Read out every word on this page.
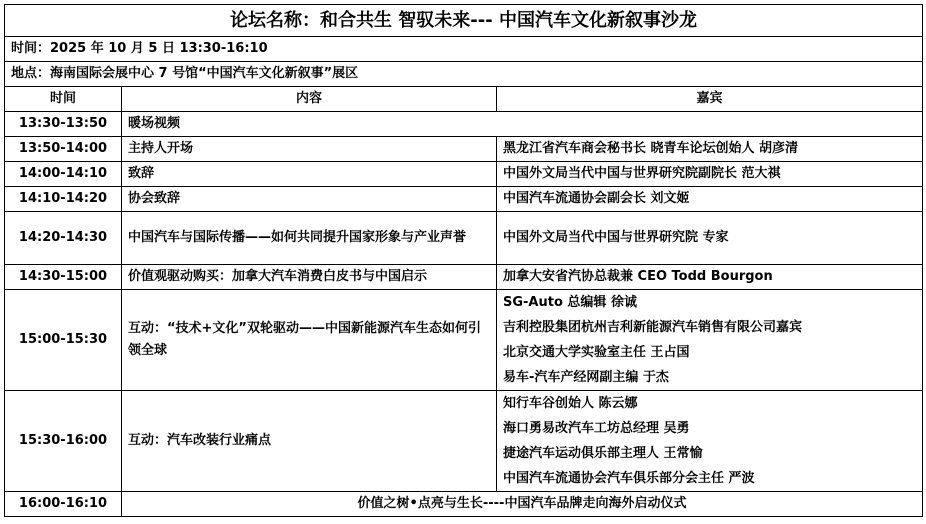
论坛名称：和合共生 智驭未来--- 中国汽车文化新叙事沙龙		
时间：2025 年 10 月 5 日 13:30-16:10		
地点：海南国际会展中心 7 号馆“中国汽车文化新叙事”展区		
时间	内容	嘉宾
13:30-13:50	暖场视频	
13:50-14:00	主持人开场	黑龙江省汽车商会秘书长 晓青车论坛创始人 胡彦清
14:00-14:10	致辞	中国外文局当代中国与世界研究院副院长 范大祺
14:10-14:20	协会致辞	中国汽车流通协会副会长 刘文姬
14:20-14:30	中国汽车与国际传播——如何共同提升国家形象与产业声誉	中国外文局当代中国与世界研究院 专家
14:30-15:00	价值观驱动购买：加拿大汽车消费白皮书与中国启示	加拿大安省汽协总裁兼 CEO Todd Bourgon
15:00-15:30	互动：“技术+文化”双轮驱动——中国新能源汽车生态如何引领全球	SG-Auto 总编辑 徐诚
吉利控股集团杭州吉利新能源汽车销售有限公司嘉宾
北京交通大学实验室主任 王占国
易车-汽车产经网副主编 于杰

15:30-16:00	互动：汽车改装行业痛点	知行车谷创始人 陈云娜
海口勇易改汽车工坊总经理 吴勇
捷途汽车运动俱乐部主理人 王常愉
中国汽车流通协会汽车俱乐部分会主任 严波

16:00-16:10	价值之树•点亮与生长----中国汽车品牌走向海外启动仪式	
